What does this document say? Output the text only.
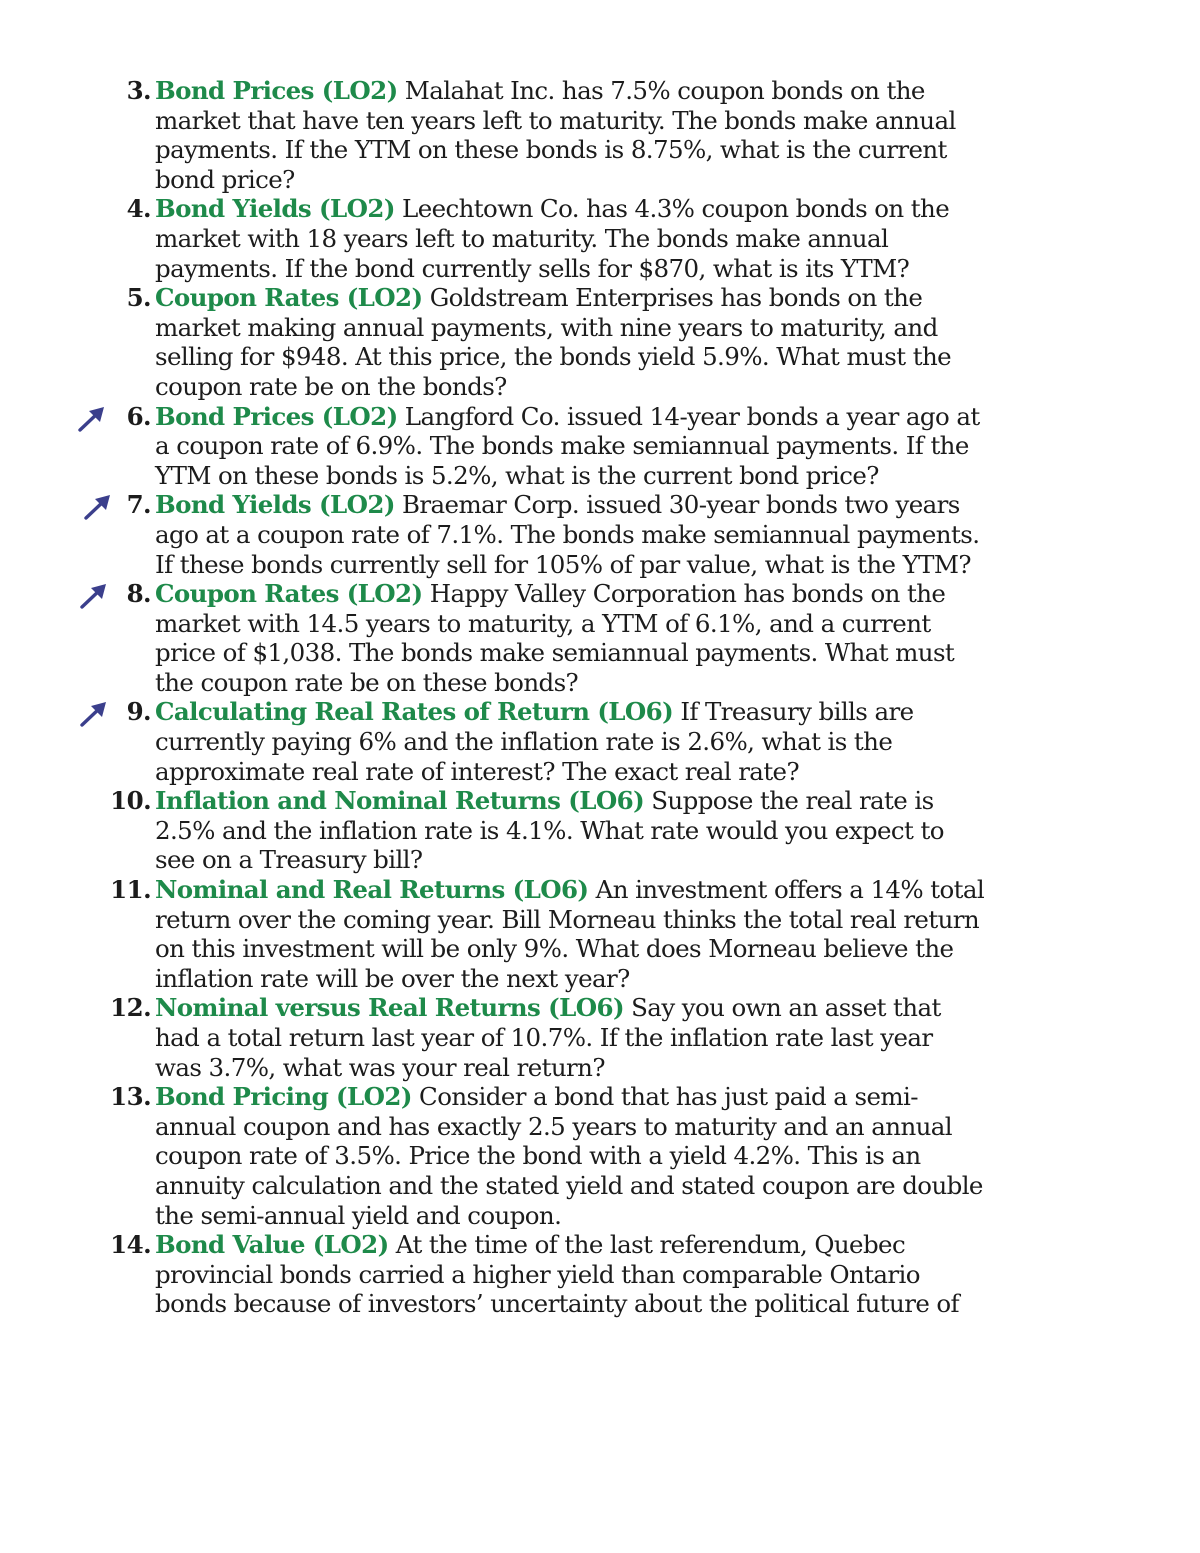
3. Bond Prices (LO2) Malahat Inc. has 7.5% coupon bonds on the market that have ten years left to maturity. The bonds make annual payments. If the YTM on these bonds is 8.75%, what is the current bond price?
4. Bond Yields (LO2) Leechtown Co. has 4.3% coupon bonds on the market with 18 years left to maturity. The bonds make annual payments. If the bond currently sells for $870, what is its YTM?
5. Coupon Rates (LO2) Goldstream Enterprises has bonds on the market making annual payments, with nine years to maturity, and selling for $948. At this price, the bonds yield 5.9%. What must the coupon rate be on the bonds?
6. Bond Prices (LO2) Langford Co. issued 14-year bonds a year ago at a coupon rate of 6.9%. The bonds make semiannual payments. If the YTM on these bonds is 5.2%, what is the current bond price?
7. Bond Yields (LO2) Braemar Corp. issued 30-year bonds two years ago at a coupon rate of 7.1%. The bonds make semiannual payments. If these bonds currently sell for 105% of par value, what is the YTM?
8. Coupon Rates (LO2) Happy Valley Corporation has bonds on the market with 14.5 years to maturity, a YTM of 6.1%, and a current price of $1,038. The bonds make semiannual payments. What must the coupon rate be on these bonds?
9. Calculating Real Rates of Return (LO6) If Treasury bills are currently paying 6% and the inflation rate is 2.6%, what is the approximate real rate of interest? The exact real rate?
10. Inflation and Nominal Returns (LO6) Suppose the real rate is 2.5% and the inflation rate is 4.1%. What rate would you expect to see on a Treasury bill?
11. Nominal and Real Returns (LO6) An investment offers a 14% total return over the coming year. Bill Morneau thinks the total real return on this investment will be only 9%. What does Morneau believe the inflation rate will be over the next year?
12. Nominal versus Real Returns (LO6) Say you own an asset that had a total return last year of 10.7%. If the inflation rate last year was 3.7%, what was your real return?
13. Bond Pricing (LO2) Consider a bond that has just paid a semi-annual coupon and has exactly 2.5 years to maturity and an annual coupon rate of 3.5%. Price the bond with a yield 4.2%. This is an annuity calculation and the stated yield and stated coupon are double the semi-annual yield and coupon.
14. Bond Value (LO2) At the time of the last referendum, Quebec provincial bonds carried a higher yield than comparable Ontario bonds because of investors’ uncertainty about the political future of
